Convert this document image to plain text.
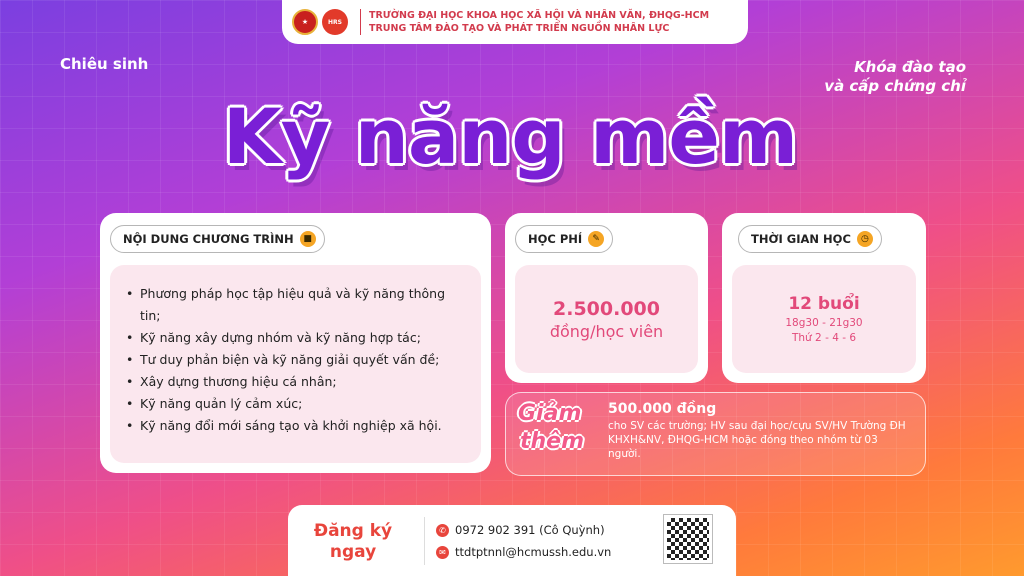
★	HRS
TRƯỜNG ĐẠI HỌC KHOA HỌC XÃ HỘI VÀ NHÂN VĂN, ĐHQG-HCM
TRUNG TÂM ĐÀO TẠO VÀ PHÁT TRIỂN NGUỒN NHÂN LỰC
Chiêu sinh	Khóa đào tạo
và cấp chứng chỉ
Kỹ năng mềm
NỘI DUNG CHƯƠNG TRÌNH	■
• Phương pháp học tập hiệu quả và kỹ năng thông tin;
• Kỹ năng xây dựng nhóm và kỹ năng hợp tác;
• Tư duy phản biện và kỹ năng giải quyết vấn đề;
• Xây dựng thương hiệu cá nhân;
• Kỹ năng quản lý cảm xúc;
• Kỹ năng đổi mới sáng tạo và khởi nghiệp xã hội.
HỌC PHÍ	✎
2.500.000
đồng/học viên
THỜI GIAN HỌC	◷
12 buổi
18g30 - 21g30
Thứ 2 - 4 - 6
Giảm
thêm
500.000 đồng
cho SV các trường; HV sau đại học/cựu SV/HV Trường ĐH KHXH&NV, ĐHQG-HCM hoặc đóng theo nhóm từ 03 người.
Đăng ký
ngay
✆ 0972 902 391 (Cô Quỳnh)
✉ ttdtptnnl@hcmussh.edu.vn
